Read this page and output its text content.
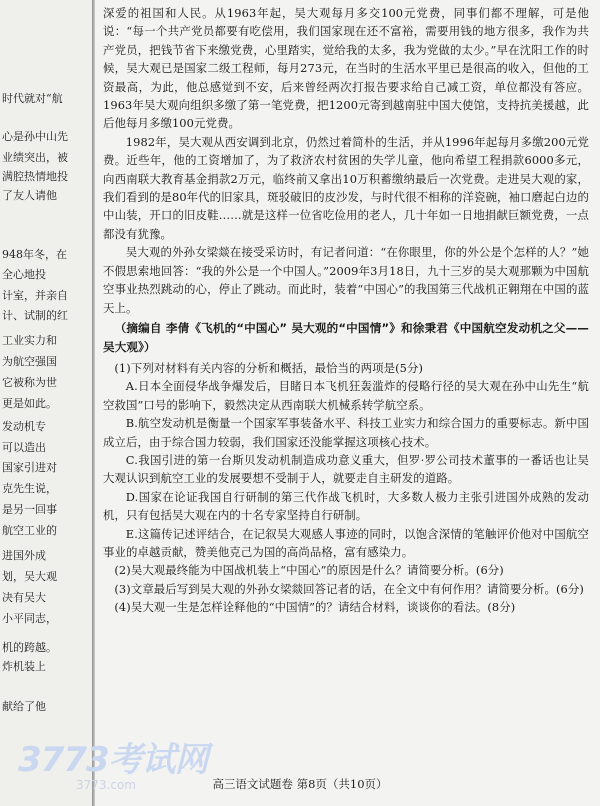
时代就对“航
心是孙中山先
业绩突出，被
满腔热情地投
了友人请他
948年冬，在
全心地投
计室，并亲自
计、试制的红
工业实力和
为航空强国
它被称为世
更是如此。
发动机专
可以造出
国家引进对
克先生说，
是另一回事
航空工业的
进国外成
划，吴大观
决有吴大
小平同志，
机的跨越。
炸机装上
献给了他

深爱的祖国和人民。从1963年起，吴大观每月多交100元党费，同事们都不理解，可是他说：“每一个共产党员都要有吃偿用，我们国家现在还不富裕，需要用钱的地方很多，我作为共产党员，把钱节省下来缴党费，心里踏实，觉给我的太多，我为党做的太少。”早在沈阳工作的时候，吴大观已是国家二级工程师，每月273元，在当时的生活水平里已是很高的收入，但他的工资最高，为此，他总感觉到不安，后来曾经两次打报告要求给自己减工资，单位都没有答应。1963年吴大观向组织多缴了第一笔党费，把1200元寄到越南驻中国大使馆，支持抗美援越，此后他每月多缴100元党费。

1982年，吴大观从西安调到北京，仍然过着简朴的生活，并从1996年起每月多缴200元党费。近些年，他的工资增加了，为了救济农村贫困的失学儿童，他向希望工程捐款6000多元，向西南联大教育基金捐款2万元，临终前又拿出10万积蓄缴纳最后一次党费。走进吴大观的家，我们看到的是80年代的旧家具，斑驳破旧的皮沙发，与时代很不相称的洋瓷碗，袖口磨起白边的中山装，开口的旧皮鞋……就是这样一位省吃俭用的老人，几十年如一日地捐献巨额党费，一点都没有犹豫。

吴大观的外孙女梁燚在接受采访时，有记者问道：“在你眼里，你的外公是个怎样的人？”她不假思索地回答：“我的外公是一个中国人。”2009年3月18日，九十三岁的吴大观那颗为中国航空事业热烈跳动的心，停止了跳动。而此时，装着“中国心”的我国第三代战机正翱翔在中国的蓝天上。

（摘编自 李倩《飞机的“中国心” 吴大观的“中国情”》和徐秉君《中国航空发动机之父——吴大观》）

(1)下列对材料有关内容的分析和概括，最恰当的两项是(5分)

A.日本全面侵华战争爆发后，目睹日本飞机狂轰滥炸的侵略行径的吴大观在孙中山先生“航空救国”口号的影响下，毅然决定从西南联大机械系转学航空系。

B.航空发动机是衡量一个国家军事装备水平、科技工业实力和综合国力的重要标志。新中国成立后，由于综合国力较弱，我们国家还没能掌握这项核心技术。

C.我国引进的第一台斯贝发动机制造成功意义重大，但罗·罗公司技术董事的一番话也让吴大观认识到航空工业的发展要想不受制于人，就要走自主研发的道路。

D.国家在论证我国自行研制的第三代作战飞机时，大多数人极力主张引进国外成熟的发动机，只有包括吴大观在内的十名专家坚持自行研制。

E.这篇传记述评结合，在记叙吴大观感人事迹的同时，以饱含深情的笔触评价他对中国航空事业的卓越贡献，赞美他克己为国的高尚品格，富有感染力。

(2)吴大观最终能为中国战机装上“中国心”的原因是什么？请简要分析。(6分)

(3)文章最后写到吴大观的外孙女梁燚回答记者的话，在全文中有何作用？请简要分析。(6分)

(4)吴大观一生是怎样诠释他的“中国情”的？请结合材料，谈谈你的看法。(8分)

高三语文试题卷 第8页（共10页）
3773考试网
3773.com
